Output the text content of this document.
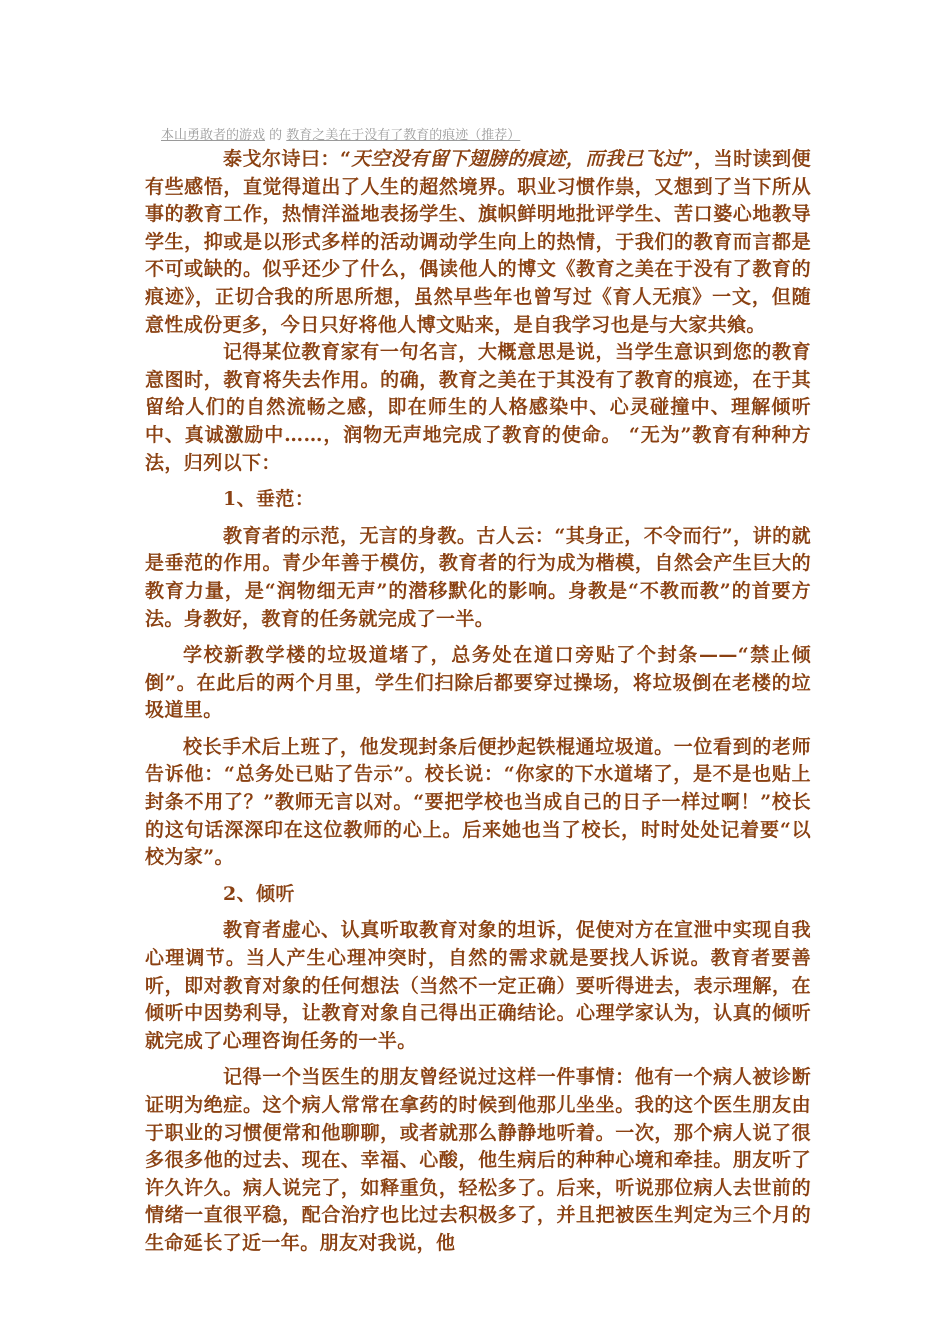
本山勇敢者的游戏 的 教育之美在于没有了教育的痕迹（推荐）

泰戈尔诗曰：“天空没有留下翅膀的痕迹，而我已飞过”，当时读到便有些感悟，直觉得道出了人生的超然境界。职业习惯作祟，又想到了当下所从事的教育工作，热情洋溢地表扬学生、旗帜鲜明地批评学生、苦口婆心地教导学生，抑或是以形式多样的活动调动学生向上的热情，于我们的教育而言都是不可或缺的。似乎还少了什么，偶读他人的博文《教育之美在于没有了教育的痕迹》，正切合我的所思所想，虽然早些年也曾写过《育人无痕》一文，但随意性成份更多，今日只好将他人博文贴来，是自我学习也是与大家共飨。

记得某位教育家有一句名言，大概意思是说，当学生意识到您的教育意图时，教育将失去作用。的确，教育之美在于其没有了教育的痕迹，在于其留给人们的自然流畅之感，即在师生的人格感染中、心灵碰撞中、理解倾听中、真诚激励中……，润物无声地完成了教育的使命。 “无为”教育有种种方法，归列以下：

1、垂范：

教育者的示范，无言的身教。古人云：“其身正，不令而行”，讲的就是垂范的作用。青少年善于模仿，教育者的行为成为楷模，自然会产生巨大的教育力量，是“润物细无声”的潜移默化的影响。身教是“不教而教”的首要方法。身教好，教育的任务就完成了一半。

学校新教学楼的垃圾道堵了，总务处在道口旁贴了个封条——“禁止倾倒”。在此后的两个月里，学生们扫除后都要穿过操场，将垃圾倒在老楼的垃圾道里。

校长手术后上班了，他发现封条后便抄起铁棍通垃圾道。一位看到的老师告诉他：“总务处已贴了告示”。校长说：“你家的下水道堵了，是不是也贴上封条不用了？”教师无言以对。“要把学校也当成自己的日子一样过啊！”校长的这句话深深印在这位教师的心上。后来她也当了校长，时时处处记着要“以校为家”。

2、倾听

教育者虚心、认真听取教育对象的坦诉，促使对方在宣泄中实现自我心理调节。当人产生心理冲突时，自然的需求就是要找人诉说。教育者要善听，即对教育对象的任何想法（当然不一定正确）要听得进去，表示理解，在倾听中因势利导，让教育对象自己得出正确结论。心理学家认为，认真的倾听就完成了心理咨询任务的一半。

记得一个当医生的朋友曾经说过这样一件事情：他有一个病人被诊断证明为绝症。这个病人常常在拿药的时候到他那儿坐坐。我的这个医生朋友由于职业的习惯便常和他聊聊，或者就那么静静地听着。一次，那个病人说了很多很多他的过去、现在、幸福、心酸，他生病后的种种心境和牵挂。朋友听了许久许久。病人说完了，如释重负，轻松多了。后来，听说那位病人去世前的情绪一直很平稳，配合治疗也比过去积极多了，并且把被医生判定为三个月的生命延长了近一年。朋友对我说，他
